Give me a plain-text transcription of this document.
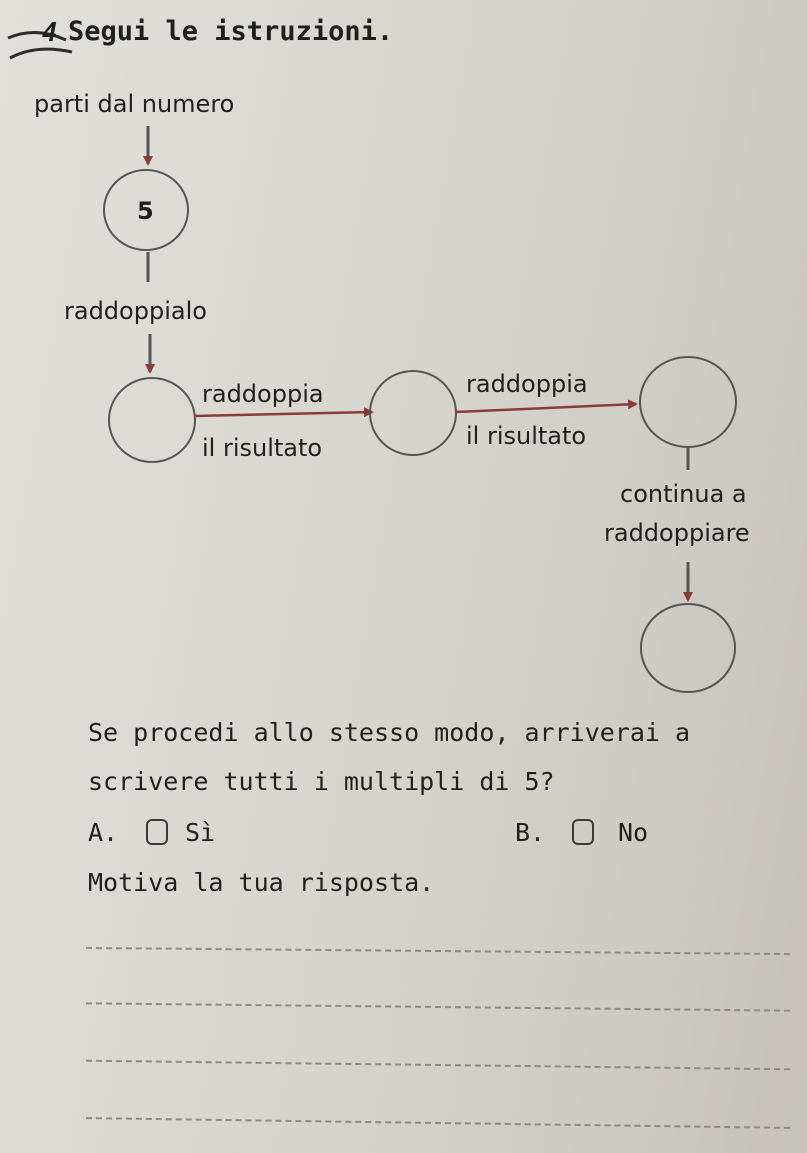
4 Segui le istruzioni.
parti dal numero
5
raddoppialo
raddoppia
il risultato
raddoppia
il risultato
continua a
raddoppiare
Se procedi allo stesso modo, arriverai a
scrivere tutti i multipli di 5?
A.	Sì	B.	No
Motiva la tua risposta.
